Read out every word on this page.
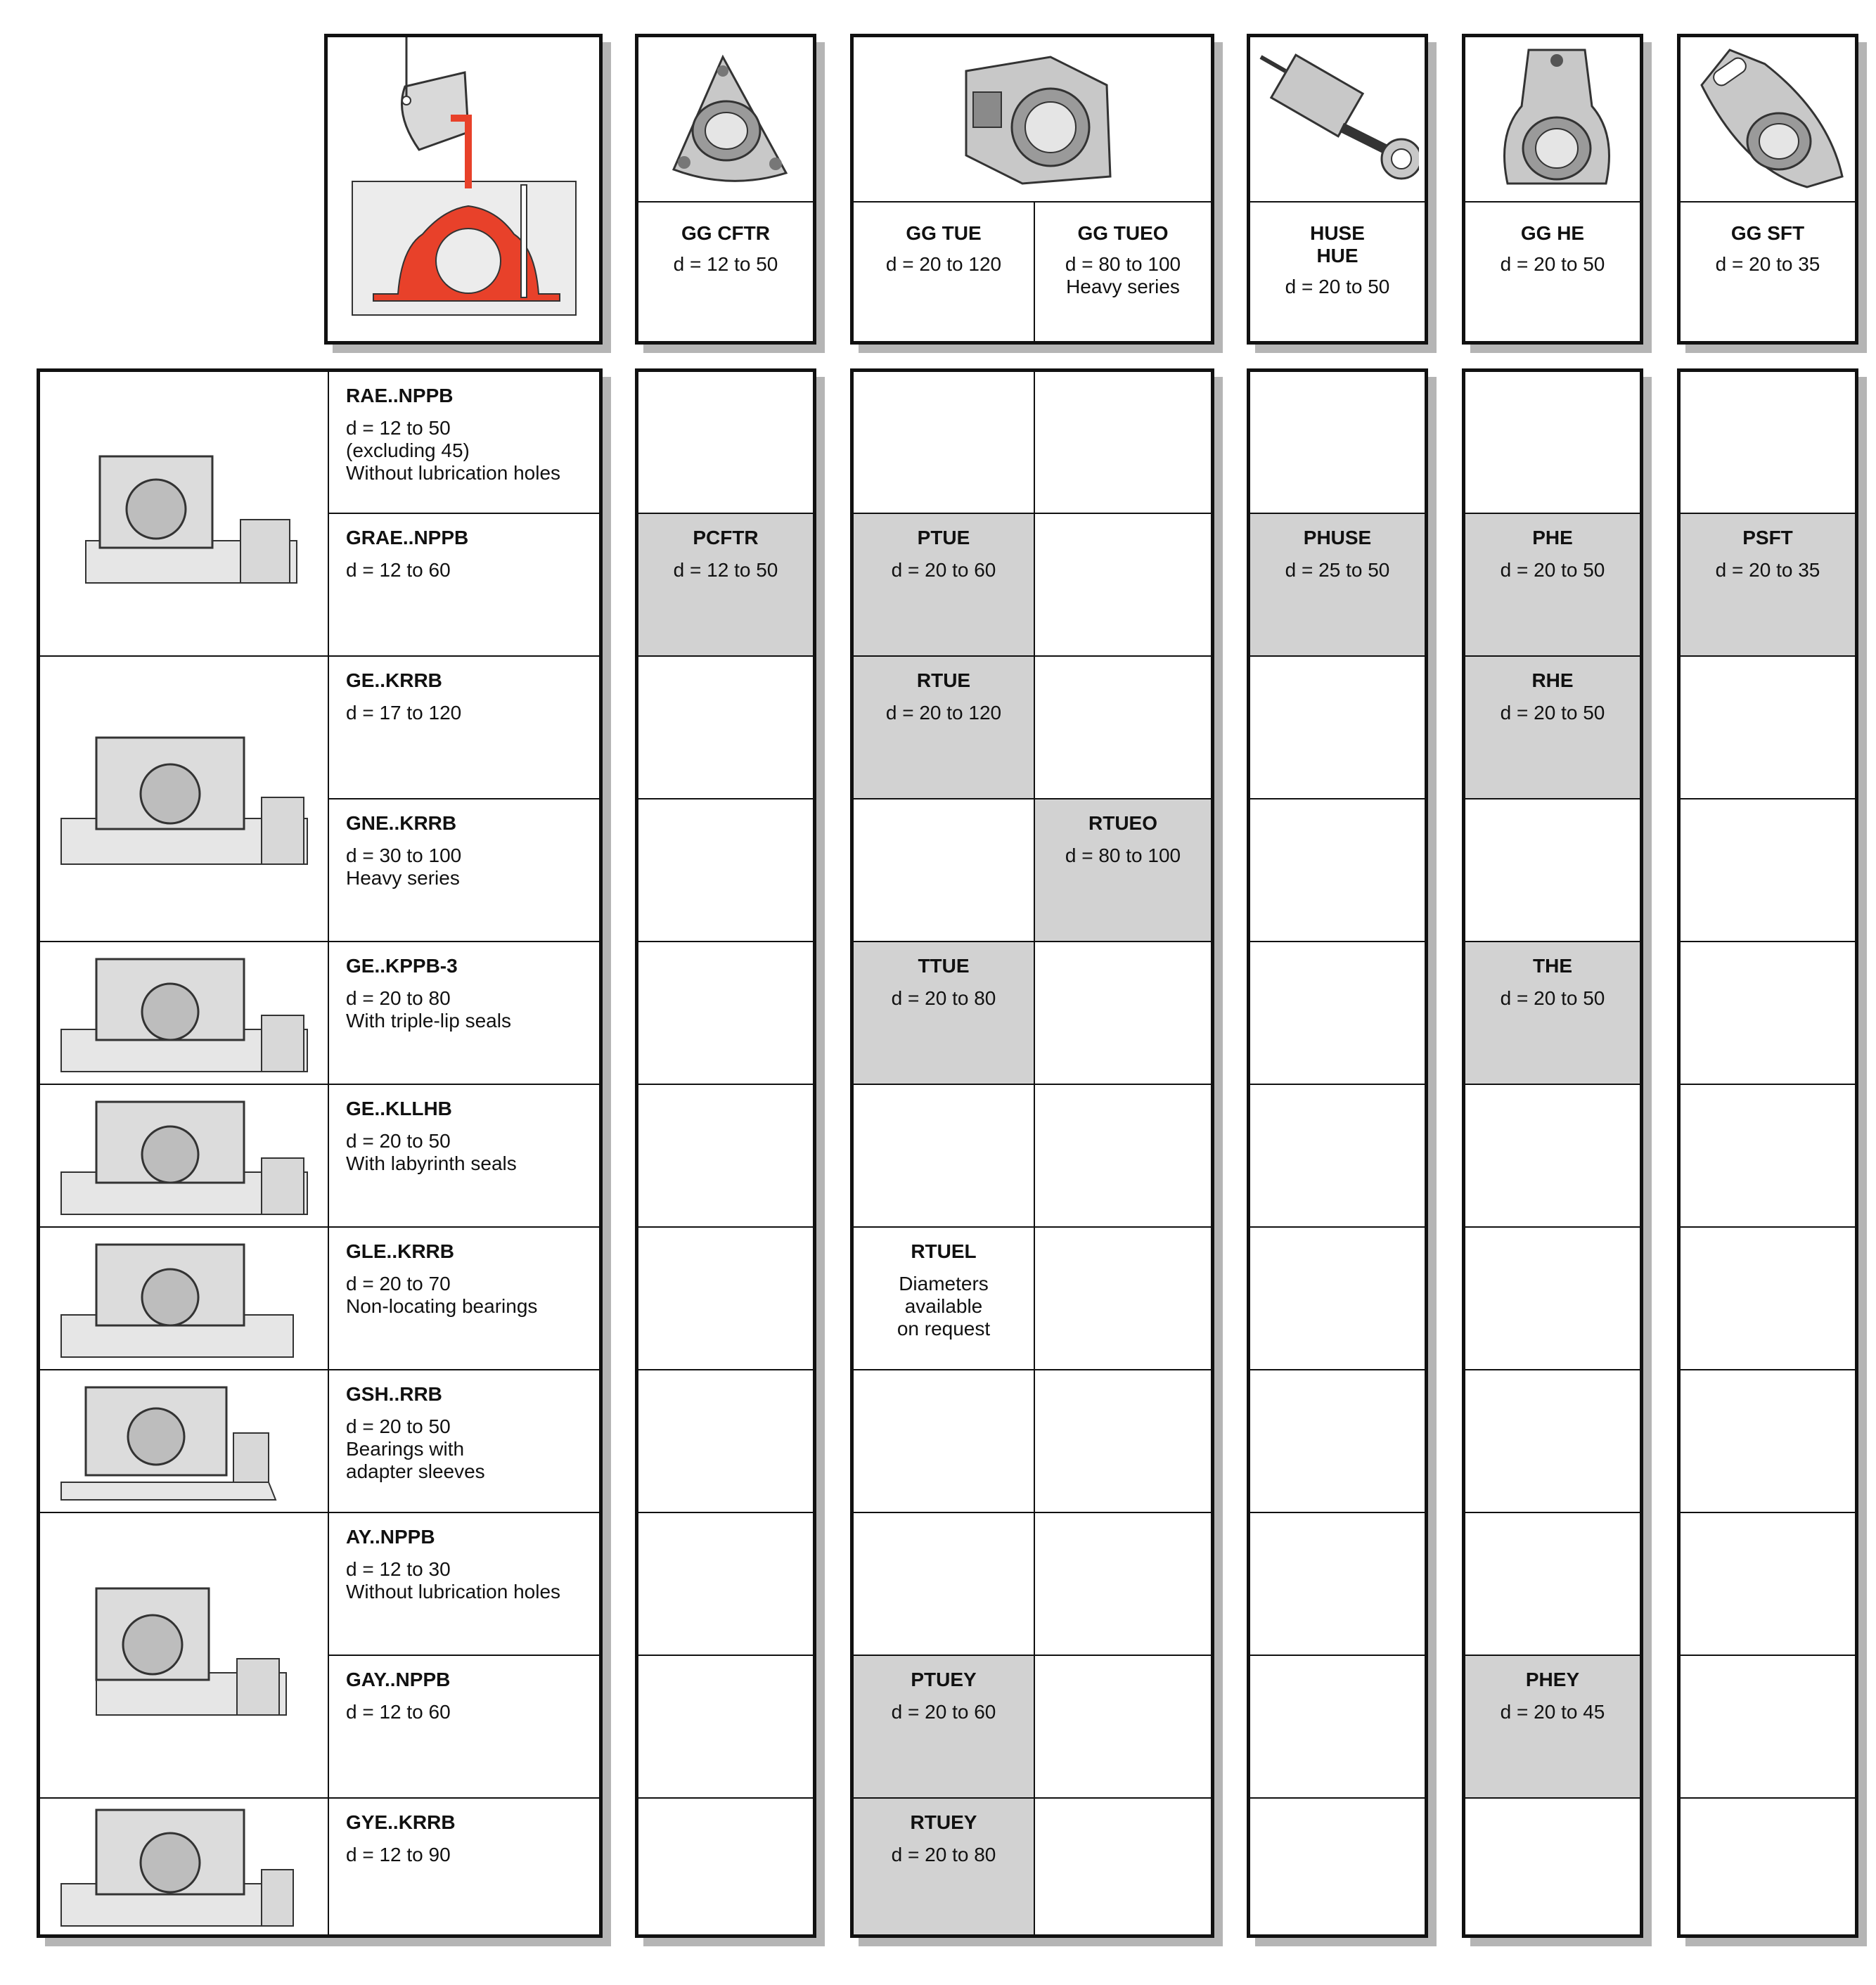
GG CFTR
d = 12 to 50
GG TUE
d = 20 to 120
GG TUEO
d = 80 to 100
Heavy series
HUSE
HUE
d = 20 to 50
GG HE
d = 20 to 50
GG SFT
d = 20 to 35
RAE..NPPB
d = 12 to 50
(excluding 45)
Without lubrication holes
GRAE..NPPB
d = 12 to 60
GE..KRRB
d = 17 to 120
GNE..KRRB
d = 30 to 100
Heavy series
GE..KPPB-3
d = 20 to 80
With triple-lip seals
GE..KLLHB
d = 20 to 50
With labyrinth seals
GLE..KRRB
d = 20 to 70
Non-locating bearings
GSH..RRB
d = 20 to 50
Bearings with
adapter sleeves
AY..NPPB
d = 12 to 30
Without lubrication holes
GAY..NPPB
d = 12 to 60
GYE..KRRB
d = 12 to 90
PCFTR
d = 12 to 50
PTUE
d = 20 to 60
RTUE
d = 20 to 120
RTUEO
d = 80 to 100
TTUE
d = 20 to 80
RTUEL
Diameters
available
on request
PTUEY
d = 20 to 60
RTUEY
d = 20 to 80
PHUSE
d = 25 to 50
PHE
d = 20 to 50
RHE
d = 20 to 50
THE
d = 20 to 50
PHEY
d = 20 to 45
PSFT
d = 20 to 35
